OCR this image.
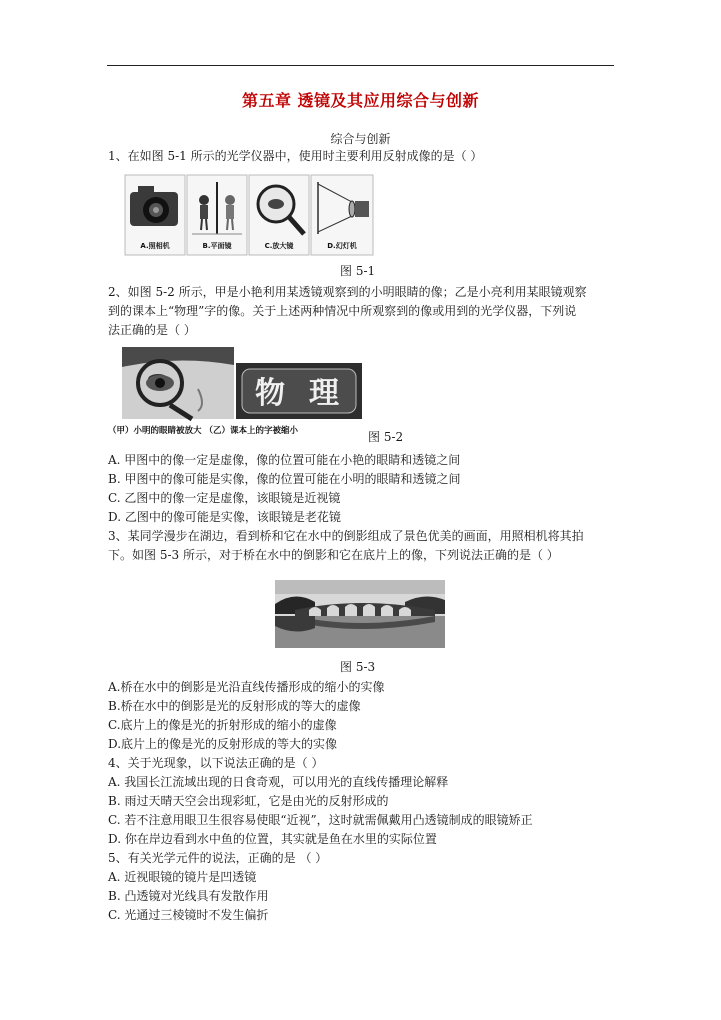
第五章 透镜及其应用综合与创新
综合与创新
1、在如图 5-1 所示的光学仪器中，使用时主要利用反射成像的是（ ）
A.照相机	B.平面镜	C.放大镜	D.幻灯机
图 5-1
2、如图 5-2 所示，甲是小艳利用某透镜观察到的小明眼睛的像；乙是小亮利用某眼镜观察
到的课本上“物理”字的像。关于上述两种情况中所观察到的像或用到的光学仪器，下列说
法正确的是（ ）
物 理
（甲）小明的眼睛被放大 （乙）课本上的字被缩小	图 5-2
A. 甲图中的像一定是虚像，像的位置可能在小艳的眼睛和透镜之间
B. 甲图中的像可能是实像，像的位置可能在小明的眼睛和透镜之间
C. 乙图中的像一定是虚像，该眼镜是近视镜
D. 乙图中的像可能是实像，该眼镜是老花镜
3、某同学漫步在湖边，看到桥和它在水中的倒影组成了景色优美的画面，用照相机将其拍
下。如图 5-3 所示，对于桥在水中的倒影和它在底片上的像，下列说法正确的是（ ）
图 5-3
A.桥在水中的倒影是光沿直线传播形成的缩小的实像
B.桥在水中的倒影是光的反射形成的等大的虚像
C.底片上的像是光的折射形成的缩小的虚像
D.底片上的像是光的反射形成的等大的实像
4、关于光现象，以下说法正确的是（ ）
A. 我国长江流域出现的日食奇观，可以用光的直线传播理论解释
B. 雨过天晴天空会出现彩虹，它是由光的反射形成的
C. 若不注意用眼卫生很容易使眼“近视”，这时就需佩戴用凸透镜制成的眼镜矫正
D. 你在岸边看到水中鱼的位置，其实就是鱼在水里的实际位置
5、有关光学元件的说法，正确的是 （ ）
A. 近视眼镜的镜片是凹透镜
B. 凸透镜对光线具有发散作用
C. 光通过三棱镜时不发生偏折
